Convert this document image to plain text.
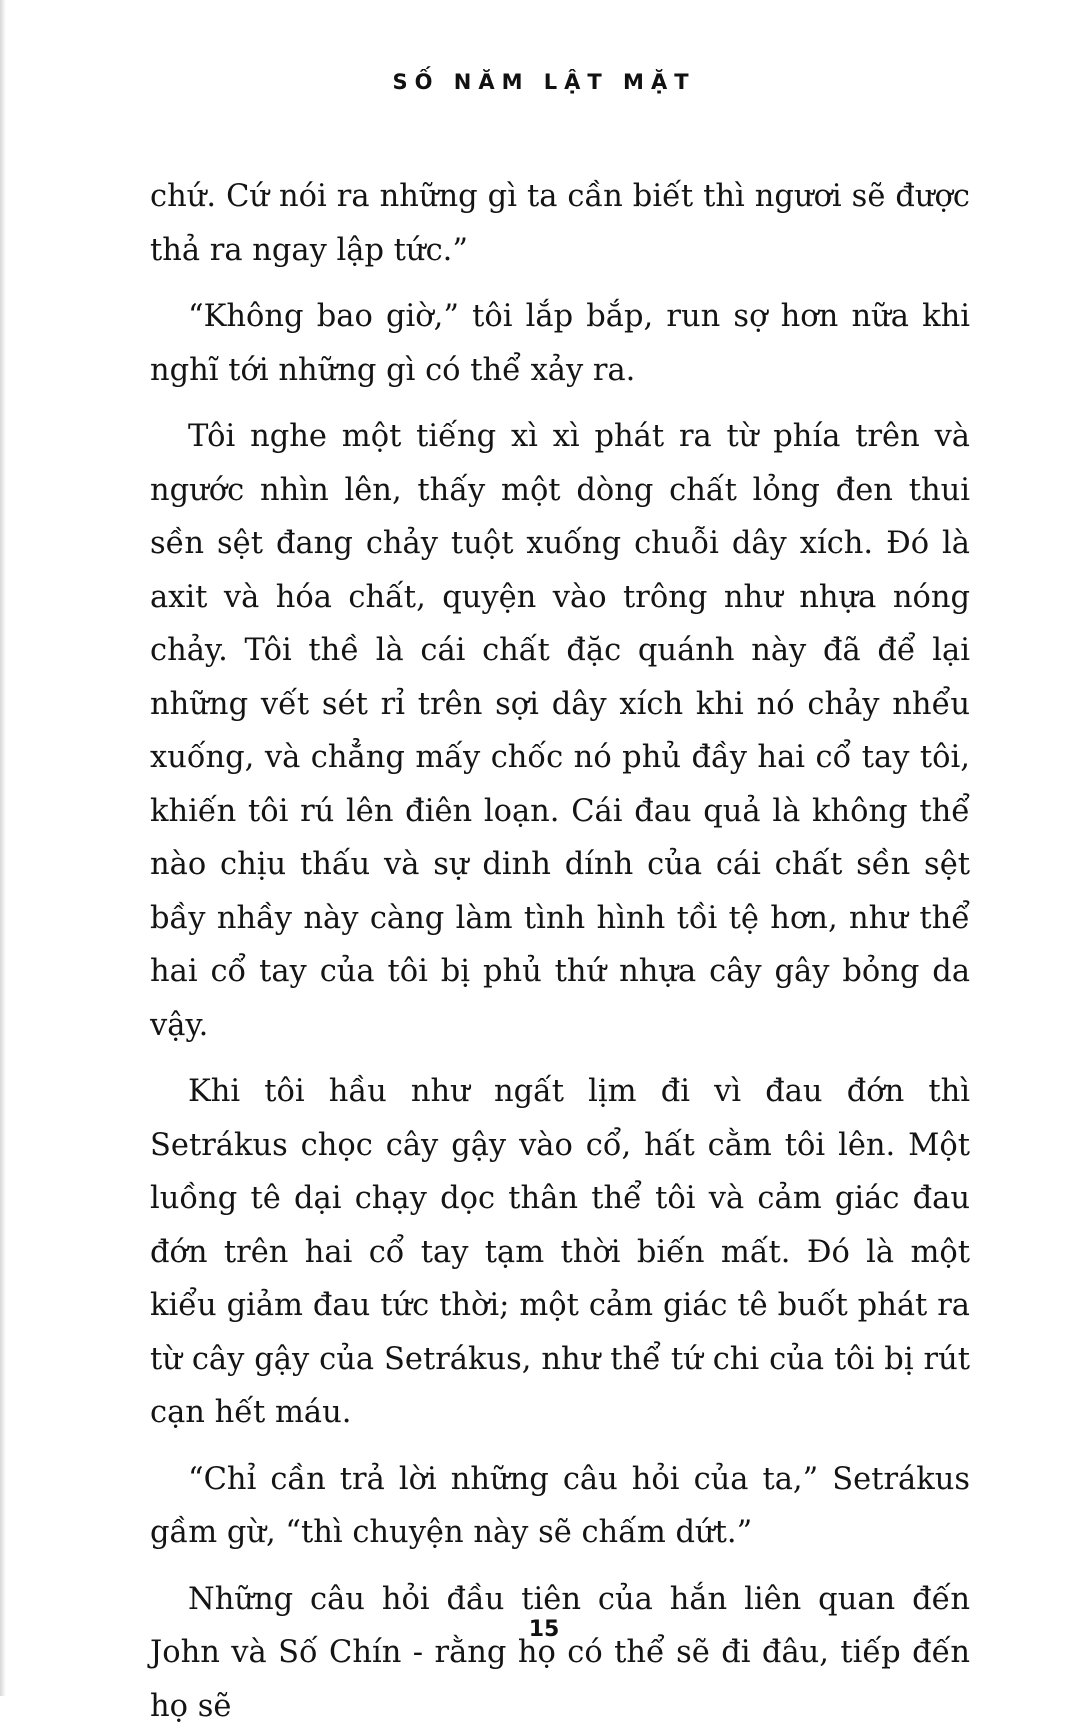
SỐ NĂM LẬT MẶT

chứ. Cứ nói ra những gì ta cần biết thì ngươi sẽ được thả ra ngay lập tức.”

“Không bao giờ,” tôi lắp bắp, run sợ hơn nữa khi nghĩ tới những gì có thể xảy ra.

Tôi nghe một tiếng xì xì phát ra từ phía trên và ngước nhìn lên, thấy một dòng chất lỏng đen thui sền sệt đang chảy tuột xuống chuỗi dây xích. Đó là axit và hóa chất, quyện vào trông như nhựa nóng chảy. Tôi thề là cái chất đặc quánh này đã để lại những vết sét rỉ trên sợi dây xích khi nó chảy nhểu xuống, và chẳng mấy chốc nó phủ đầy hai cổ tay tôi, khiến tôi rú lên điên loạn. Cái đau quả là không thể nào chịu thấu và sự dinh dính của cái chất sền sệt bầy nhầy này càng làm tình hình tồi tệ hơn, như thể hai cổ tay của tôi bị phủ thứ nhựa cây gây bỏng da vậy.

Khi tôi hầu như ngất lịm đi vì đau đớn thì Setrákus chọc cây gậy vào cổ, hất cằm tôi lên. Một luồng tê dại chạy dọc thân thể tôi và cảm giác đau đớn trên hai cổ tay tạm thời biến mất. Đó là một kiểu giảm đau tức thời; một cảm giác tê buốt phát ra từ cây gậy của Setrákus, như thể tứ chi của tôi bị rút cạn hết máu.

“Chỉ cần trả lời những câu hỏi của ta,” Setrákus gầm gừ, “thì chuyện này sẽ chấm dứt.”

Những câu hỏi đầu tiên của hắn liên quan đến John và Số Chín - rằng họ có thể sẽ đi đâu, tiếp đến họ sẽ

15
